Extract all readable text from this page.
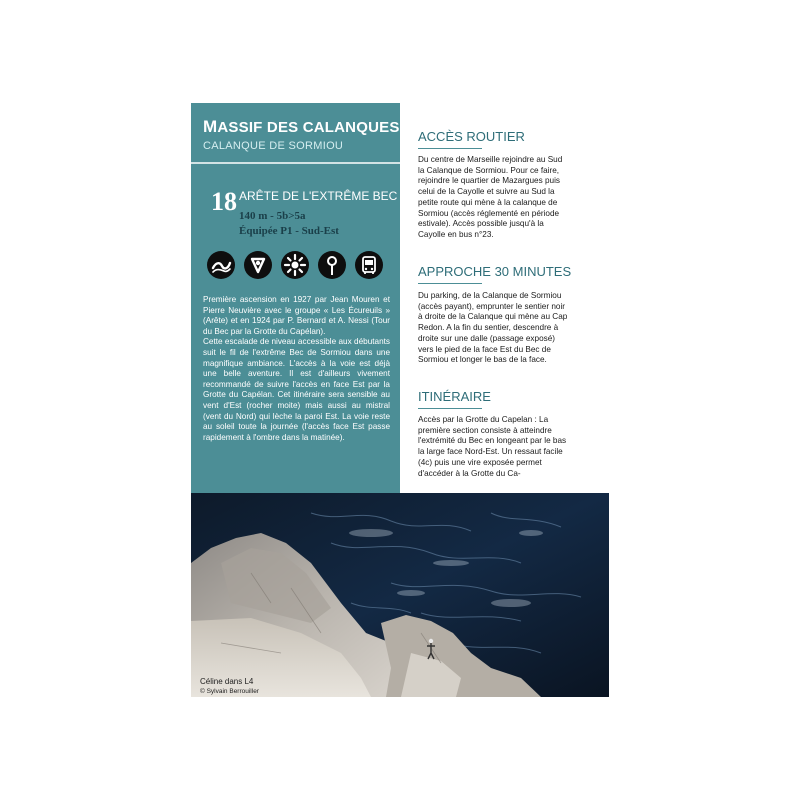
MASSIF DES CALANQUES
CALANQUE DE SORMIOU
18 ARÊTE DE L'EXTRÊME BEC
140 m - 5b>5a
Équipée P1 - Sud-Est

Première ascension en 1927 par Jean Mouren et Pierre Neuvière avec le groupe « Les Écureuils » (Arête) et en 1924 par P. Bernard et A. Nessi (Tour du Bec par la Grotte du Capélan).

Cette escalade de niveau accessible aux débutants suit le fil de l'extrême Bec de Sormiou dans une magnifique ambiance. L'accès à la voie est déjà une belle aventure. Il est d'ailleurs vivement recommandé de suivre l'accès en face Est par la Grotte du Capélan. Cet itinéraire sera sensible au vent d'Est (rocher moite) mais aussi au mistral (vent du Nord) qui lèche la paroi Est. La voie reste au soleil toute la journée (l'accès face Est passe rapidement à l'ombre dans la matinée).

ACCÈS ROUTIER

Du centre de Marseille rejoindre au Sud la Calanque de Sormiou. Pour ce faire, rejoindre le quartier de Mazargues puis celui de la Cayolle et suivre au Sud la petite route qui mène à la calanque de Sormiou (accès réglementé en période estivale). Accès possible jusqu'à la Cayolle en bus n°23.

APPROCHE 30 MINUTES

Du parking, de la Calanque de Sormiou (accès payant), emprunter le sentier noir à droite de la Calanque qui mène au Cap Redon. A la fin du sentier, descendre à droite sur une dalle (passage exposé) vers le pied de la face Est du Bec de Sormiou et longer le bas de la face.

ITINÉRAIRE

Accès par la Grotte du Capelan : La première section consiste à atteindre l'extrémité du Bec en longeant par le bas la large face Nord-Est. Un ressaut facile (4c) puis une vire exposée permet d'accéder à la Grotte du Ca-

Céline dans L4
© Sylvain Berrouiller
